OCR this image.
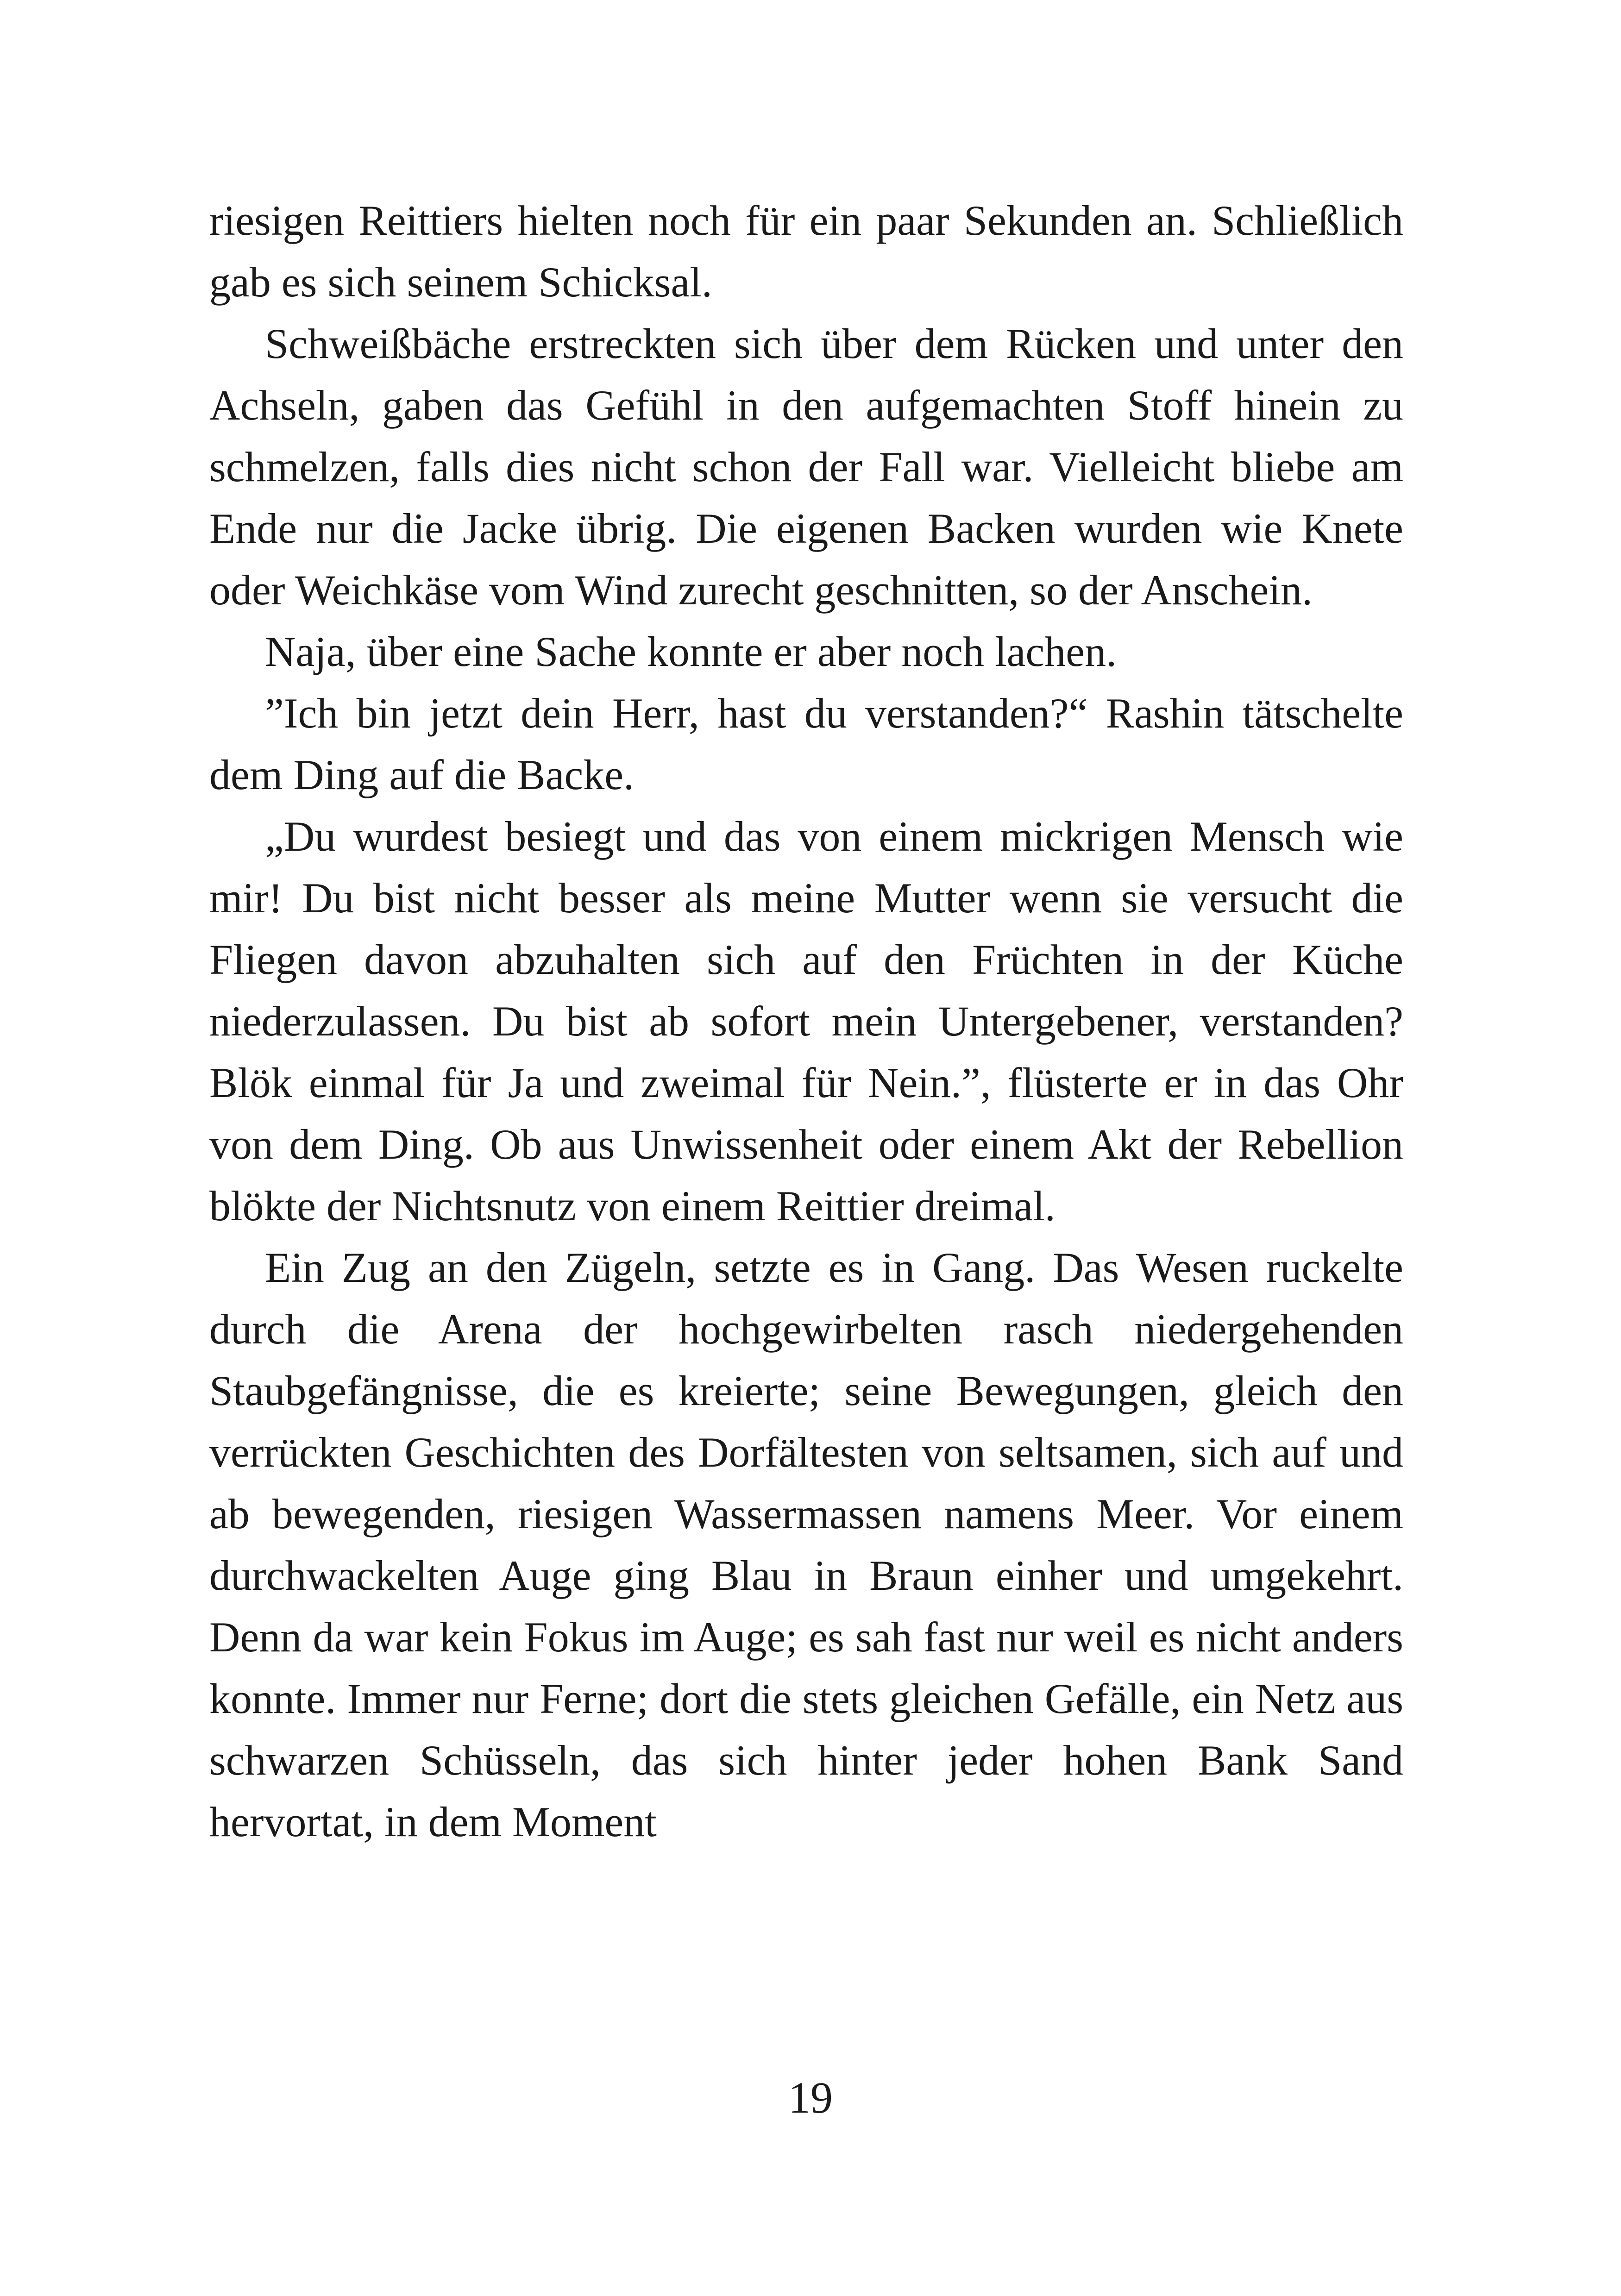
riesigen Reittiers hielten noch für ein paar Sekunden an. Schließlich gab es sich seinem Schicksal.

Schweißbäche erstreckten sich über dem Rücken und unter den Achseln, gaben das Gefühl in den aufgemachten Stoff hinein zu schmelzen, falls dies nicht schon der Fall war. Vielleicht bliebe am Ende nur die Jacke übrig. Die eigenen Backen wurden wie Knete oder Weichkäse vom Wind zurecht geschnitten, so der Anschein.

Naja, über eine Sache konnte er aber noch lachen.

”Ich bin jetzt dein Herr, hast du verstanden?“ Rashin tätschelte dem Ding auf die Backe.

„Du wurdest besiegt und das von einem mickrigen Mensch wie mir! Du bist nicht besser als meine Mutter wenn sie versucht die Fliegen davon abzuhalten sich auf den Früchten in der Küche niederzulassen. Du bist ab sofort mein Untergebener, verstanden? Blök einmal für Ja und zweimal für Nein.”, flüsterte er in das Ohr von dem Ding. Ob aus Unwissenheit oder einem Akt der Rebellion blökte der Nichtsnutz von einem Reittier dreimal.

Ein Zug an den Zügeln, setzte es in Gang. Das Wesen ruckelte durch die Arena der hochgewirbelten rasch niedergehenden Staubgefängnisse, die es kreierte; seine Bewegungen, gleich den verrückten Geschichten des Dorfältesten von seltsamen, sich auf und ab bewegenden, riesigen Wassermassen namens Meer. Vor einem durchwackelten Auge ging Blau in Braun einher und umgekehrt. Denn da war kein Fokus im Auge; es sah fast nur weil es nicht anders konnte. Immer nur Ferne; dort die stets gleichen Gefälle, ein Netz aus schwarzen Schüsseln, das sich hinter jeder hohen Bank Sand hervortat, in dem Moment

19
